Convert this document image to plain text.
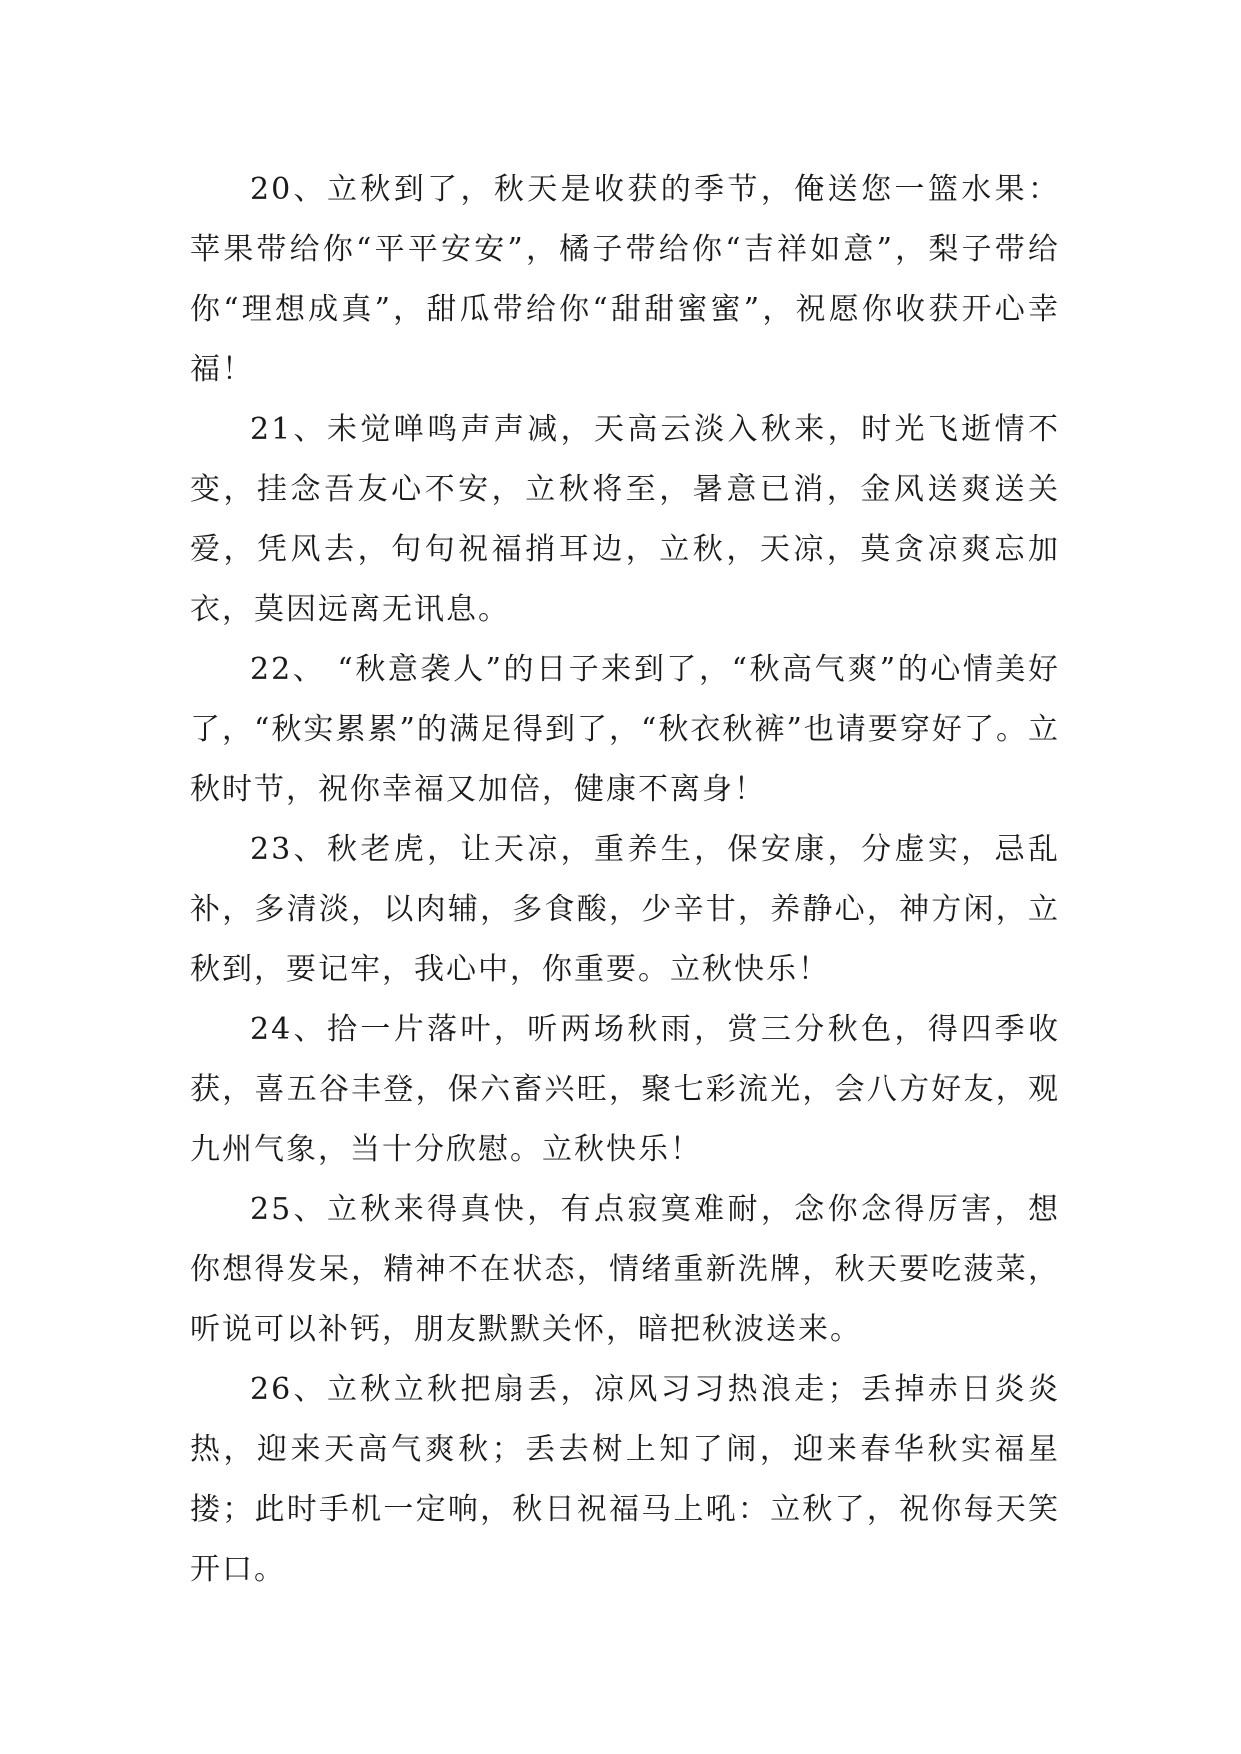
20、立秋到了，秋天是收获的季节，俺送您一篮水果：苹果带给你“平平安安”，橘子带给你“吉祥如意”，梨子带给你“理想成真”，甜瓜带给你“甜甜蜜蜜”，祝愿你收获开心幸福！

21、未觉啴鸣声声减，天高云淡入秋来，时光飞逝情不变，挂念吾友心不安，立秋将至，暑意已消，金风送爽送关爱，凭风去，句句祝福捎耳边，立秋，天凉，莫贪凉爽忘加衣，莫因远离无讯息。

22、 “秋意袭人”的日子来到了，“秋高气爽”的心情美好了，“秋实累累”的满足得到了，“秋衣秋裤”也请要穿好了。立秋时节，祝你幸福又加倍，健康不离身！

23、秋老虎，让天凉，重养生，保安康，分虚实，忌乱补，多清淡，以肉辅，多食酸，少辛甘，养静心，神方闲，立秋到，要记牢，我心中，你重要。立秋快乐！

24、拾一片落叶，听两场秋雨，赏三分秋色，得四季收获，喜五谷丰登，保六畜兴旺，聚七彩流光，会八方好友，观九州气象，当十分欣慰。立秋快乐！

25、立秋来得真快，有点寂寞难耐，念你念得厉害，想你想得发呆，精神不在状态，情绪重新洗牌，秋天要吃菠菜，听说可以补钙，朋友默默关怀，暗把秋波送来。

26、立秋立秋把扇丢，凉风习习热浪走；丢掉赤日炎炎热，迎来天高气爽秋；丢去树上知了闹，迎来春华秋实福星搂；此时手机一定响，秋日祝福马上吼：立秋了，祝你每天笑开口。
